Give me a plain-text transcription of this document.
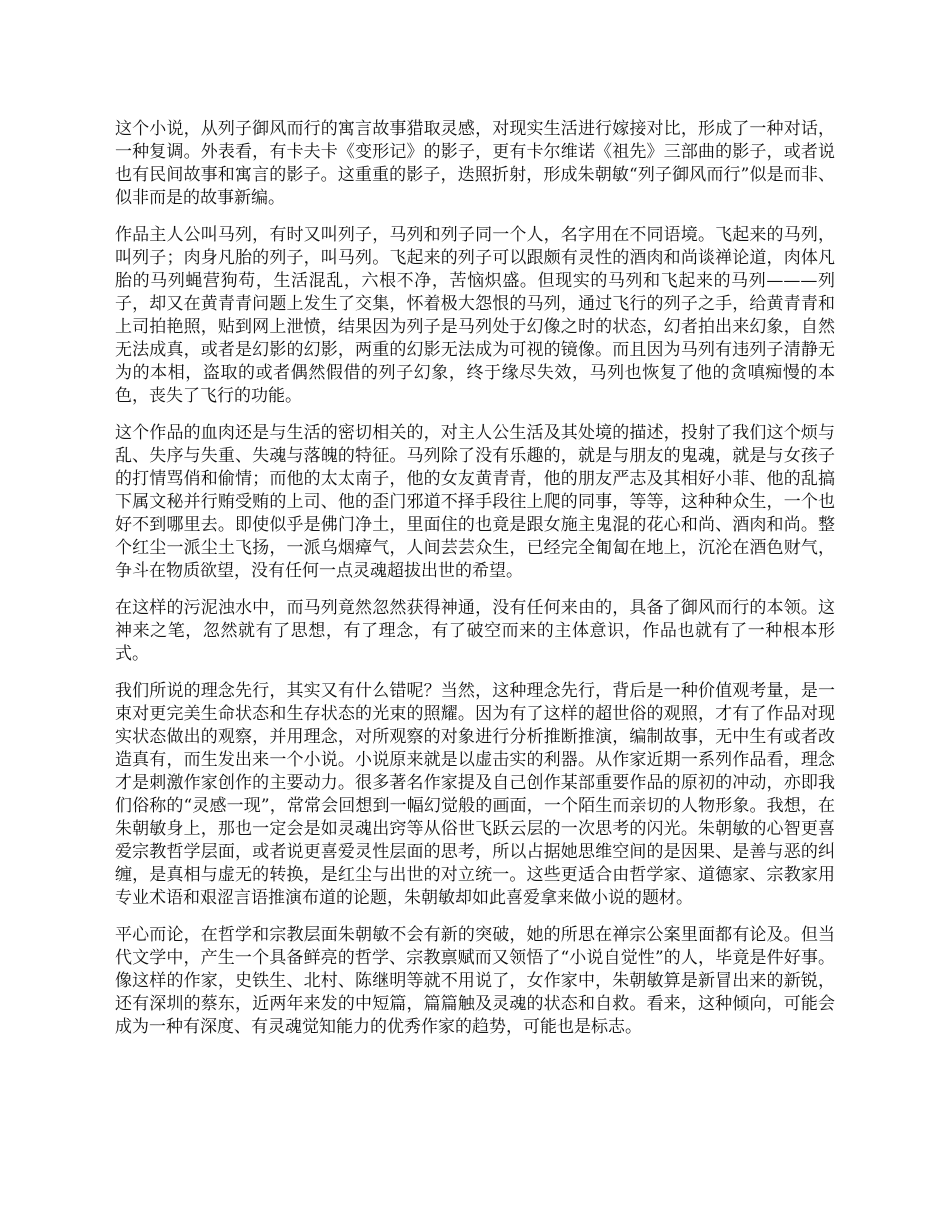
这个小说，从列子御风而行的寓言故事猎取灵感，对现实生活进行嫁接对比，形成了一种对话，一种复调。外表看，有卡夫卡《变形记》的影子，更有卡尔维诺《祖先》三部曲的影子，或者说也有民间故事和寓言的影子。这重重的影子，迭照折射，形成朱朝敏“列子御风而行”似是而非、似非而是的故事新编。

作品主人公叫马列，有时又叫列子，马列和列子同一个人，名字用在不同语境。飞起来的马列，叫列子；肉身凡胎的列子，叫马列。飞起来的列子可以跟颇有灵性的酒肉和尚谈禅论道，肉体凡胎的马列蝇营狗苟，生活混乱，六根不净，苦恼炽盛。但现实的马列和飞起来的马列———列子，却又在黄青青问题上发生了交集，怀着极大怨恨的马列，通过飞行的列子之手，给黄青青和上司拍艳照，贴到网上泄愤，结果因为列子是马列处于幻像之时的状态，幻者拍出来幻象，自然无法成真，或者是幻影的幻影，两重的幻影无法成为可视的镜像。而且因为马列有违列子清静无为的本相，盗取的或者偶然假借的列子幻象，终于缘尽失效，马列也恢复了他的贪嗔痴慢的本色，丧失了飞行的功能。

这个作品的血肉还是与生活的密切相关的，对主人公生活及其处境的描述，投射了我们这个烦与乱、失序与失重、失魂与落魄的特征。马列除了没有乐趣的，就是与朋友的鬼魂，就是与女孩子的打情骂俏和偷情；而他的太太南子，他的女友黄青青，他的朋友严志及其相好小菲、他的乱搞下属文秘并行贿受贿的上司、他的歪门邪道不择手段往上爬的同事，等等，这种种众生，一个也好不到哪里去。即使似乎是佛门净土，里面住的也竟是跟女施主鬼混的花心和尚、酒肉和尚。整个红尘一派尘土飞扬，一派乌烟瘴气，人间芸芸众生，已经完全匍匐在地上，沉沦在酒色财气，争斗在物质欲望，没有任何一点灵魂超拔出世的希望。

在这样的污泥浊水中，而马列竟然忽然获得神通，没有任何来由的，具备了御风而行的本领。这神来之笔，忽然就有了思想，有了理念，有了破空而来的主体意识，作品也就有了一种根本形式。

我们所说的理念先行，其实又有什么错呢？当然，这种理念先行，背后是一种价值观考量，是一束对更完美生命状态和生存状态的光束的照耀。因为有了这样的超世俗的观照，才有了作品对现实状态做出的观察，并用理念，对所观察的对象进行分析推断推演，编制故事，无中生有或者改造真有，而生发出来一个小说。小说原来就是以虚击实的利器。从作家近期一系列作品看，理念才是刺激作家创作的主要动力。很多著名作家提及自己创作某部重要作品的原初的冲动，亦即我们俗称的“灵感一现”，常常会回想到一幅幻觉般的画面，一个陌生而亲切的人物形象。我想，在朱朝敏身上，那也一定会是如灵魂出窍等从俗世飞跃云层的一次思考的闪光。朱朝敏的心智更喜爱宗教哲学层面，或者说更喜爱灵性层面的思考，所以占据她思维空间的是因果、是善与恶的纠缠，是真相与虚无的转换，是红尘与出世的对立统一。这些更适合由哲学家、道德家、宗教家用专业术语和艰涩言语推演布道的论题，朱朝敏却如此喜爱拿来做小说的题材。

平心而论，在哲学和宗教层面朱朝敏不会有新的突破，她的所思在禅宗公案里面都有论及。但当代文学中，产生一个具备鲜亮的哲学、宗教禀赋而又领悟了“小说自觉性”的人，毕竟是件好事。像这样的作家，史铁生、北村、陈继明等就不用说了，女作家中，朱朝敏算是新冒出来的新锐，还有深圳的蔡东，近两年来发的中短篇，篇篇触及灵魂的状态和自救。看来，这种倾向，可能会成为一种有深度、有灵魂觉知能力的优秀作家的趋势，可能也是标志。
